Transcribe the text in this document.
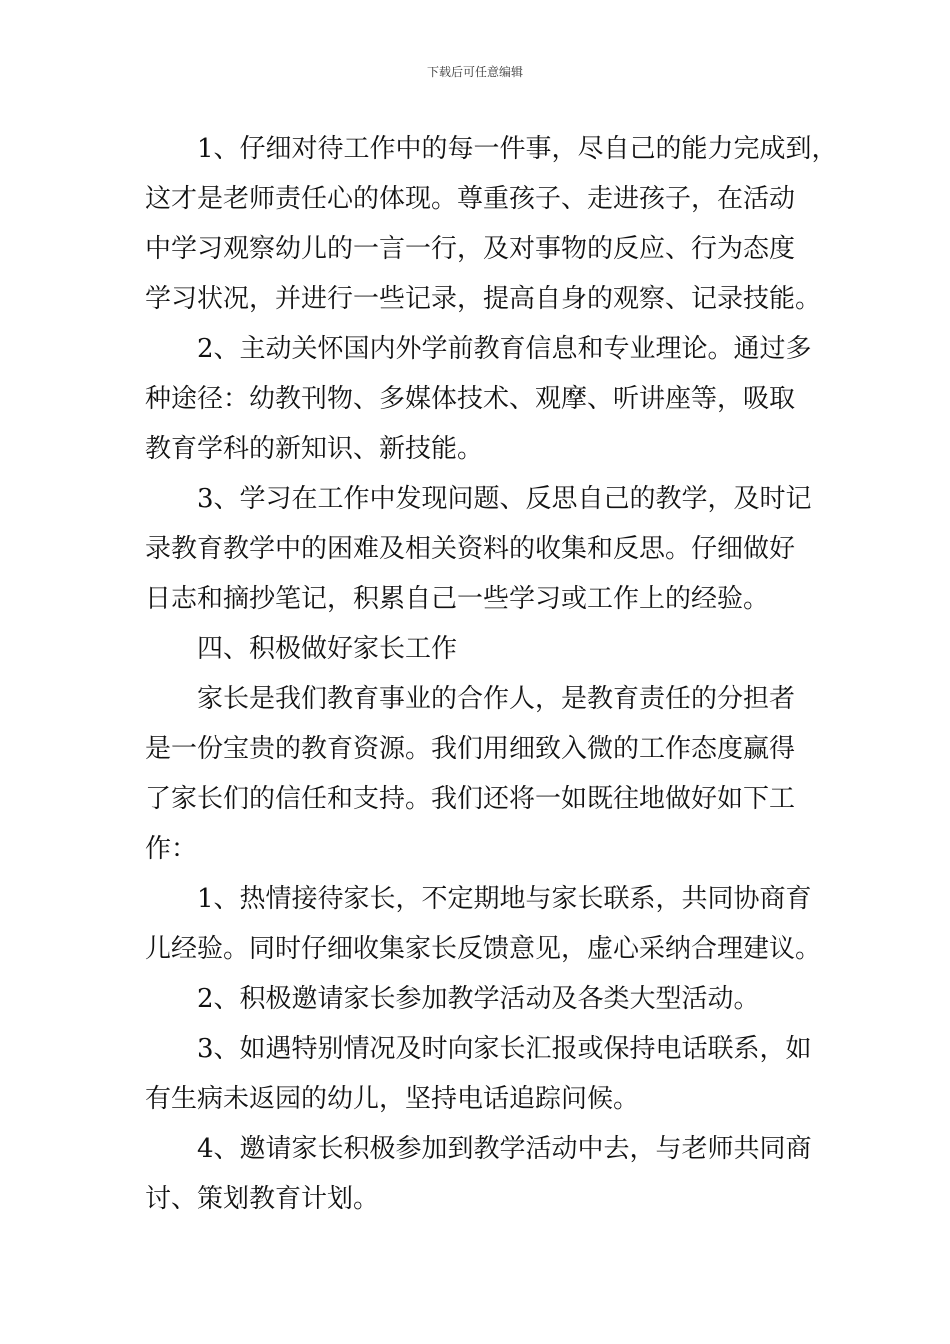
下载后可任意编辑
1、仔细对待工作中的每一件事，尽自己的能力完成到，
这才是老师责任心的体现。尊重孩子、走进孩子，在活动
中学习观察幼儿的一言一行，及对事物的反应、行为态度
学习状况，并进行一些记录，提高自身的观察、记录技能。
2、主动关怀国内外学前教育信息和专业理论。通过多
种途径：幼教刊物、多媒体技术、观摩、听讲座等，吸取
教育学科的新知识、新技能。
3、学习在工作中发现问题、反思自己的教学，及时记
录教育教学中的困难及相关资料的收集和反思。仔细做好
日志和摘抄笔记，积累自己一些学习或工作上的经验。
四、积极做好家长工作
家长是我们教育事业的合作人，是教育责任的分担者
是一份宝贵的教育资源。我们用细致入微的工作态度赢得
了家长们的信任和支持。我们还将一如既往地做好如下工
作：
1、热情接待家长，不定期地与家长联系，共同协商育
儿经验。同时仔细收集家长反馈意见，虚心采纳合理建议。
2、积极邀请家长参加教学活动及各类大型活动。
3、如遇特别情况及时向家长汇报或保持电话联系，如
有生病未返园的幼儿，坚持电话追踪问候。
4、邀请家长积极参加到教学活动中去，与老师共同商
讨、策划教育计划。
